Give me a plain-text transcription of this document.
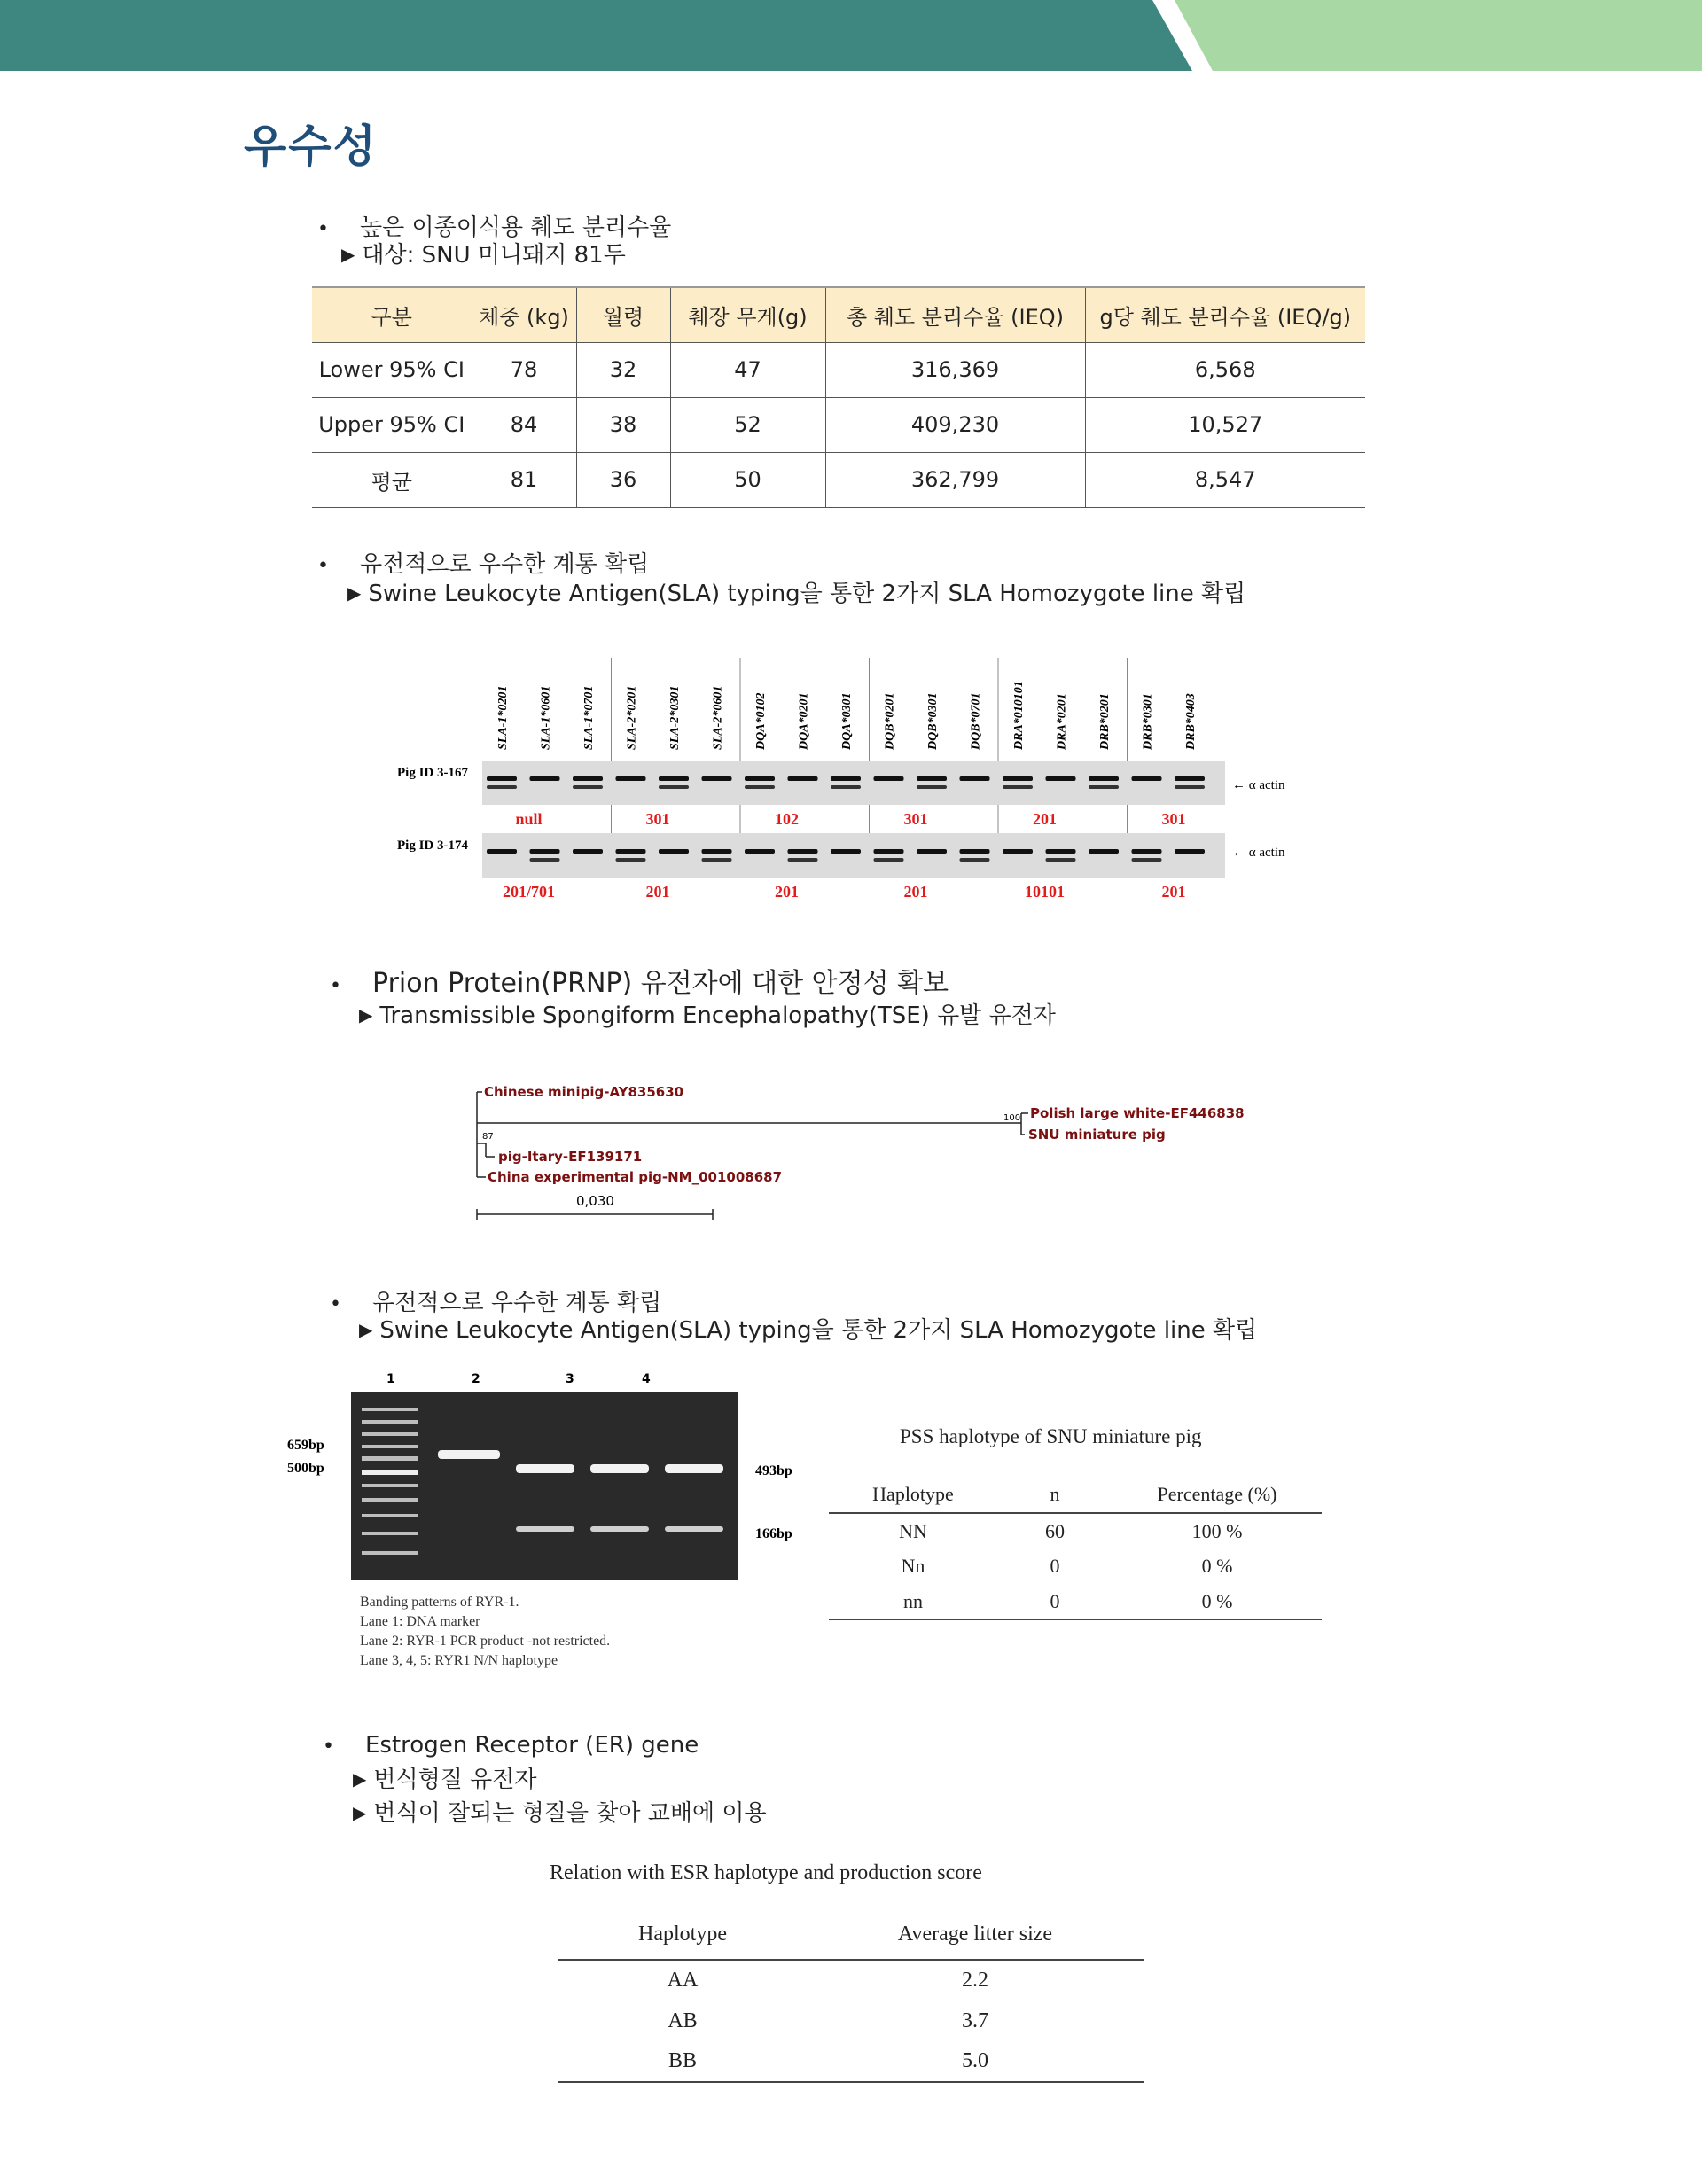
우수성
• 높은 이종이식용 췌도 분리수율
▶ 대상: SNU 미니돼지 81두
구분	체중 (kg)	월령	췌장 무게(g)	총 췌도 분리수율 (IEQ)	g당 췌도 분리수율 (IEQ/g)
Lower 95% CI	78	32	47	316,369	6,568
Upper 95% CI	84	38	52	409,230	10,527
평균	81	36	50	362,799	8,547
• 유전적으로 우수한 계통 확립
▶ Swine Leukocyte Antigen(SLA) typing을 통한 2가지 SLA Homozygote line 확립
SLA-1*0201 SLA-1*0601 SLA-1*0701 SLA-2*0201 SLA-2*0301 SLA-2*0601 DQA*0102 DQA*0201 DQA*0301 DQB*0201 DQB*0301 DQB*0701 DRA*010101 DRA*0201 DRB*0201 DRB*0301 DRB*0403
Pig ID 3-167
Pig ID 3-174
← α actin
← α actin
null	301	102	301	201	301
201/701	201	201	201	10101	201
• Prion Protein(PRNP) 유전자에 대한 안정성 확보
▶ Transmissible Spongiform Encephalopathy(TSE) 유발 유전자
Chinese minipig-AY835630
Polish large white-EF446838
SNU miniature pig
pig-Itary-EF139171
China experimental pig-NM_001008687
100
87
0,030
• 유전적으로 우수한 계통 확립
▶ Swine Leukocyte Antigen(SLA) typing을 통한 2가지 SLA Homozygote line 확립
1	2	3	4
659bp
500bp	493bp
166bp
Banding patterns of RYR-1.
Lane 1: DNA marker
Lane 2: RYR-1 PCR product -not restricted.
Lane 3, 4, 5: RYR1 N/N haplotype
PSS haplotype of SNU miniature pig
Haplotype	n	Percentage (%)
NN	60	100 %
Nn	0	0 %
nn	0	0 %
• Estrogen Receptor (ER) gene
▶ 번식형질 유전자
▶ 번식이 잘되는 형질을 찾아 교배에 이용
Relation with ESR haplotype and production score
Haplotype	Average litter size
AA	2.2
AB	3.7
BB	5.0
